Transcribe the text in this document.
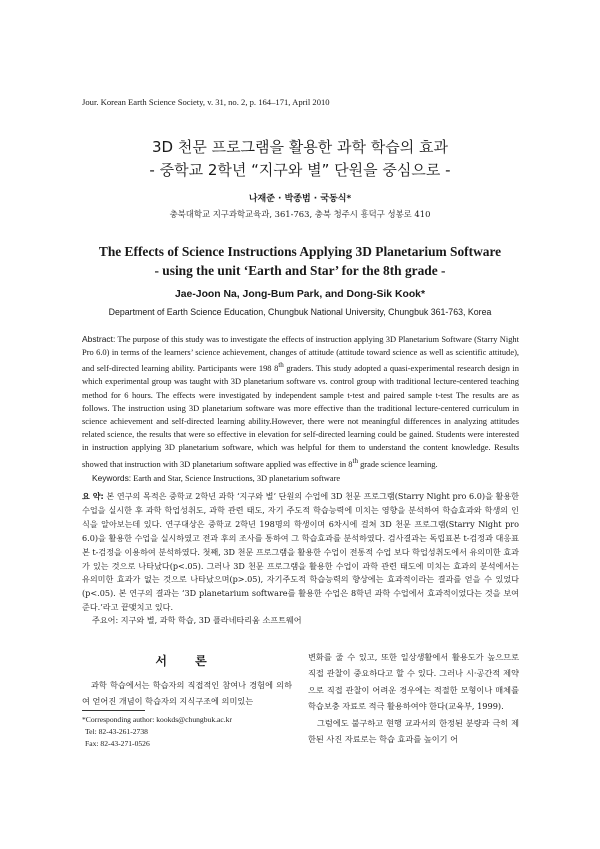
Jour. Korean Earth Science Society, v. 31, no. 2, p. 164–171, April 2010
3D 천문 프로그램을 활용한 과학 학습의 효과
- 중학교 2학년 “지구와 별” 단원을 중심으로 -
나재준 · 박종범 · 국동식*
충북대학교 지구과학교육과, 361-763, 충북 청주시 흥덕구 성봉로 410
The Effects of Science Instructions Applying 3D Planetarium Software
- using the unit ‘Earth and Star’ for the 8th grade -
Jae-Joon Na, Jong-Bum Park, and Dong-Sik Kook*
Department of Earth Science Education, Chungbuk National University, Chungbuk 361-763, Korea
Abstract: The purpose of this study was to investigate the effects of instruction applying 3D Planetarium Software (Starry Night Pro 6.0) in terms of the learners’ science achievement, changes of attitude (attitude toward science as well as scientific attitude), and self-directed learning ability. Participants were 198 8th graders. This study adopted a quasi-experimental research design in which experimental group was taught with 3D planetarium software vs. control group with traditional lecture-centered teaching method for 6 hours. The effects were investigated by independent sample t-test and paired sample t-test The results are as follows. The instruction using 3D planetarium software was more effective than the traditional lecture-centered curriculum in science achievement and self-directed learning ability.However, there were not meaningful differences in analyzing attitudes related science, the results that were so effective in elevation for self-directed learning could be gained. Students were interested in instruction applying 3D planetarium software, which was helpful for them to understand the content knowledge. Results showed that instruction with 3D planetarium software applied was effective in 8th grade science learning.
Keywords: Earth and Star, Science Instructions, 3D planetarium software
요 약: 본 연구의 목적은 중학교 2학년 과학 ‘지구와 별’ 단원의 수업에 3D 천문 프로그램(Starry Night pro 6.0)을 활용한 수업을 실시한 후 과학 학업성취도, 과학 관련 태도, 자기 주도적 학습능력에 미치는 영향을 분석하여 학습효과와 학생의 인식을 알아보는데 있다. 연구대상은 중학교 2학년 198명의 학생이며 6차시에 걸쳐 3D 천문 프로그램(Starry Night pro 6.0)을 활용한 수업을 실시하였고 전과 후의 조사를 통하여 그 학습효과를 분석하였다. 검사결과는 독립표본 t-검정과 대응표본 t-검정을 이용하여 분석하였다. 첫째, 3D 천문 프로그램을 활용한 수업이 전통적 수업 보다 학업성취도에서 유의미한 효과가 있는 것으로 나타났다(p<.05). 그러나 3D 천문 프로그램을 활용한 수업이 과학 관련 태도에 미치는 효과의 분석에서는 유의미한 효과가 없는 것으로 나타났으며(p>.05), 자기주도적 학습능력의 향상에는 효과적이라는 결과를 얻을 수 있었다(p<.05). 본 연구의 결과는 ‘3D planetarium software를 활용한 수업은 8학년 과학 수업에서 효과적이었다는 것을 보여준다.’라고 끝맺치고 있다.
주요어: 지구와 별, 과학 학습, 3D 플라네타리움 소프트웨어
서 론

과학 학습에서는 학습자의 직접적인 참여나 경험에 의하여 얻어진 개념이 학습자의 지식구조에 의미있는

*Corresponding author: kookds@chungbuk.ac.kr
Tel: 82-43-261-2738
Fax: 82-43-271-0526

변화를 줄 수 있고, 또한 일상생활에서 활용도가 높으므로 직접 관찰이 중요하다고 할 수 있다. 그러나 시·공간적 제약으로 직접 관찰이 어려운 경우에는 적절한 모형이나 매체를 학습보충 자료로 적극 활용하여야 한다(교육부, 1999).

그럼에도 불구하고 현행 교과서의 한정된 분량과 극히 제한된 사진 자료로는 학습 효과를 높이기 어
